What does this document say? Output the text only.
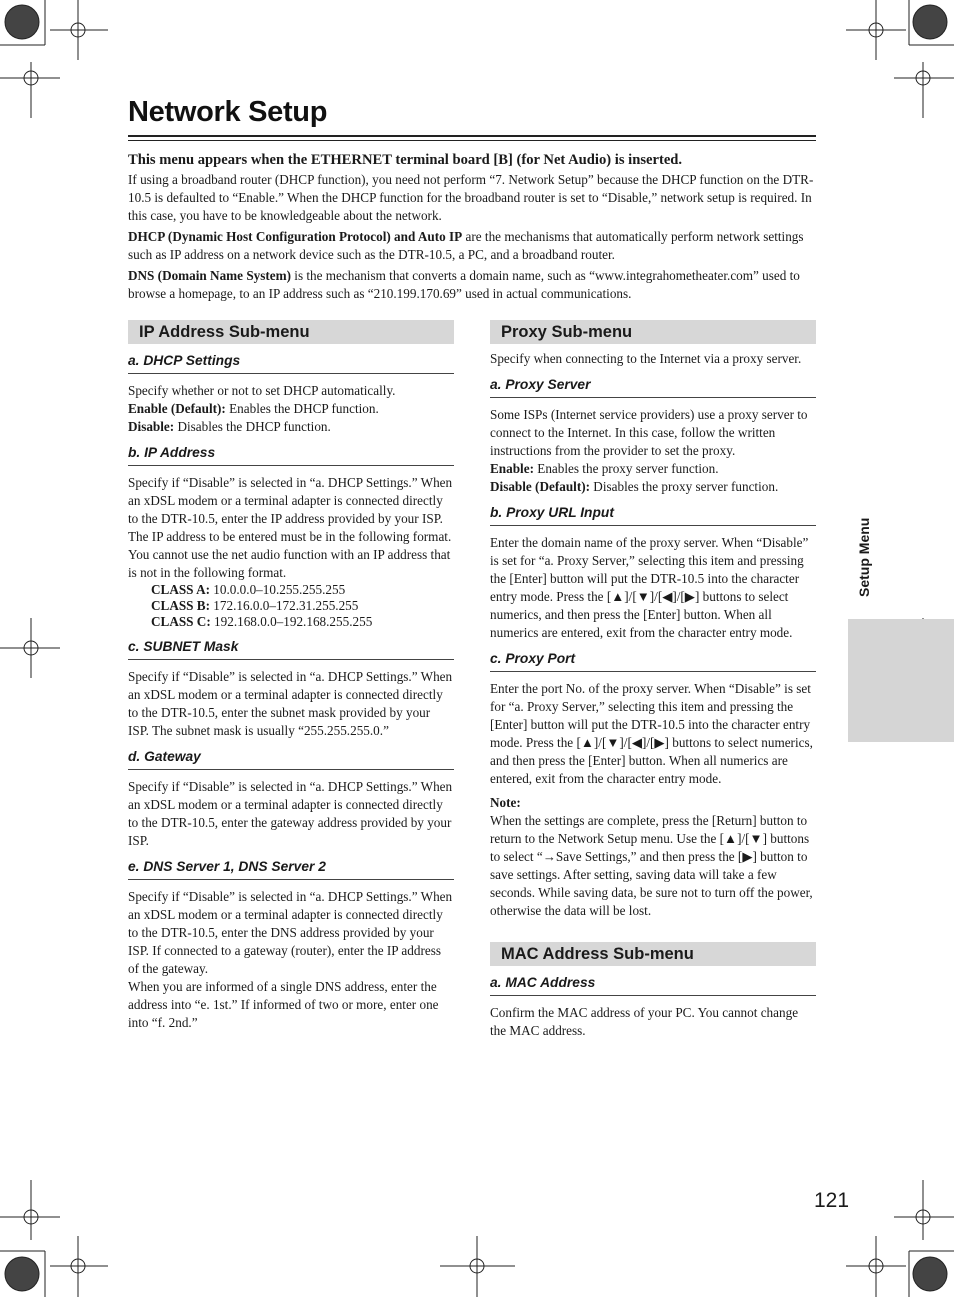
Network Setup

This menu appears when the ETHERNET terminal board [B] (for Net Audio) is inserted.

If using a broadband router (DHCP function), you need not perform “7. Network Setup” because the DHCP function on the DTR-10.5 is defaulted to “Enable.” When the DHCP function for the broadband router is set to “Disable,” network setup is required. In this case, you have to be knowledgeable about the network.

DHCP (Dynamic Host Configuration Protocol) and Auto IP are the mechanisms that automatically perform network settings such as IP address on a network device such as the DTR-10.5, a PC, and a broadband router.

DNS (Domain Name System) is the mechanism that converts a domain name, such as “www.integrahometheater.com” used to browse a homepage, to an IP address such as “210.199.170.69” used in actual communications.

IP Address Sub-menu
a. DHCP Settings

Specify whether or not to set DHCP automatically.

Enable (Default): Enables the DHCP function.

Disable: Disables the DHCP function.

b. IP Address

Specify if “Disable” is selected in “a. DHCP Settings.” When an xDSL modem or a terminal adapter is connected directly to the DTR-10.5, enter the IP address provided by your ISP. The IP address to be entered must be in the following format. You cannot use the net audio function with an IP address that is not in the following format.

CLASS A: 10.0.0.0–10.255.255.255
CLASS B: 172.16.0.0–172.31.255.255
CLASS C: 192.168.0.0–192.168.255.255
c. SUBNET Mask

Specify if “Disable” is selected in “a. DHCP Settings.” When an xDSL modem or a terminal adapter is connected directly to the DTR-10.5, enter the subnet mask provided by your ISP. The subnet mask is usually “255.255.255.0.”

d. Gateway

Specify if “Disable” is selected in “a. DHCP Settings.” When an xDSL modem or a terminal adapter is connected directly to the DTR-10.5, enter the gateway address provided by your ISP.

e. DNS Server 1, DNS Server 2

Specify if “Disable” is selected in “a. DHCP Settings.” When an xDSL modem or a terminal adapter is connected directly to the DTR-10.5, enter the DNS address provided by your ISP. If connected to a gateway (router), enter the IP address of the gateway.

When you are informed of a single DNS address, enter the address into “e. 1st.” If informed of two or more, enter one into “f. 2nd.”

Proxy Sub-menu

Specify when connecting to the Internet via a proxy server.

a. Proxy Server

Some ISPs (Internet service providers) use a proxy server to connect to the Internet. In this case, follow the written instructions from the provider to set the proxy.

Enable: Enables the proxy server function.

Disable (Default): Disables the proxy server function.

b. Proxy URL Input

Enter the domain name of the proxy server. When “Disable” is set for “a. Proxy Server,” selecting this item and pressing the [Enter] button will put the DTR-10.5 into the character entry mode. Press the [▲]/[▼]/[◀]/[▶] buttons to select numerics, and then press the [Enter] button. When all numerics are entered, exit from the character entry mode.

c. Proxy Port

Enter the port No. of the proxy server. When “Disable” is set for “a. Proxy Server,” selecting this item and pressing the [Enter] button will put the DTR-10.5 into the character entry mode. Press the [▲]/[▼]/[◀]/[▶] buttons to select numerics, and then press the [Enter] button. When all numerics are entered, exit from the character entry mode.

Note:

When the settings are complete, press the [Return] button to return to the Network Setup menu. Use the [▲]/[▼] buttons to select “→Save Settings,” and then press the [▶] button to save settings. After setting, saving data will take a few seconds. While saving data, be sure not to turn off the power, otherwise the data will be lost.

MAC Address Sub-menu
a. MAC Address

Confirm the MAC address of your PC. You cannot change the MAC address.

Setup Menu
121
